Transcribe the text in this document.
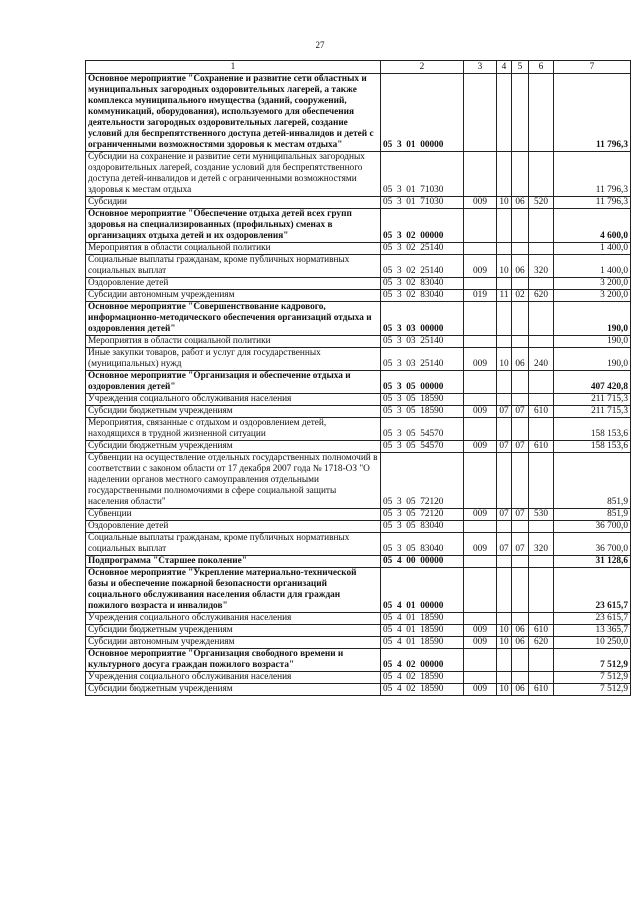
27
1	2	3	4	5	6	7
Основное мероприятие "Сохранение и развитие сети областных и муниципальных загородных оздоровительных лагерей, а также комплекса муниципального имущества (зданий, сооружений, коммуникаций, оборудования), используемого для обеспечения деятельности загородных оздоровительных лагерей, создание условий для беспрепятственного доступа детей-инвалидов и детей с ограниченными возможностями здоровья к местам отдыха"	05  3  01  00000					11 796,3
Субсидии на сохранение и развитие сети муниципальных загородных оздоровительных лагерей, создание условий для беспрепятственного доступа детей-инвалидов и детей с ограниченными возможностями здоровья к местам отдыха	05  3  01  71030					11 796,3
Субсидии	05  3  01  71030	009	10	06	520	11 796,3
Основное мероприятие "Обеспечение отдыха детей всех групп здоровья на специализированных (профильных) сменах в организациях отдыха детей и их оздоровления"	05  3  02  00000					4 600,0
Мероприятия в области социальной политики	05  3  02  25140					1 400,0
Социальные выплаты гражданам, кроме публичных нормативных социальных выплат	05  3  02  25140	009	10	06	320	1 400,0
Оздоровление детей	05  3  02  83040					3 200,0
Субсидии автономным учреждениям	05  3  02  83040	019	11	02	620	3 200,0
Основное мероприятие "Совершенствование кадрового, информационно-методического обеспечения организаций отдыха и оздоровления детей"	05  3  03  00000					190,0
Мероприятия в области социальной политики	05  3  03  25140					190,0
Иные закупки товаров, работ и услуг для государственных (муниципальных) нужд	05  3  03  25140	009	10	06	240	190,0
Основное мероприятие "Организация и обеспечение отдыха и оздоровления детей"	05  3  05  00000					407 420,8
Учреждения социального обслуживания населения	05  3  05  18590					211 715,3
Субсидии бюджетным учреждениям	05  3  05  18590	009	07	07	610	211 715,3
Мероприятия, связанные с отдыхом и оздоровлением детей, находящихся в трудной жизненной ситуации	05  3  05  54570					158 153,6
Субсидии бюджетным учреждениям	05  3  05  54570	009	07	07	610	158 153,6
Субвенции на осуществление отдельных государственных полномочий в соответствии с законом области от 17 декабря 2007 года № 1718-ОЗ "О наделении органов местного самоуправления отдельными государственными полномочиями в сфере социальной защиты населения области"	05  3  05  72120					851,9
Субвенции	05  3  05  72120	009	07	07	530	851,9
Оздоровление детей	05  3  05  83040					36 700,0
Социальные выплаты гражданам, кроме публичных нормативных социальных выплат	05  3  05  83040	009	07	07	320	36 700,0
Подпрограмма "Старшее поколение"	05  4  00  00000					31 128,6
Основное мероприятие "Укрепление материально-технической базы и обеспечение пожарной безопасности организаций социального обслуживания населения области для граждан пожилого возраста и инвалидов"	05  4  01  00000					23 615,7
Учреждения социального обслуживания населения	05  4  01  18590					23 615,7
Субсидии бюджетным учреждениям	05  4  01  18590	009	10	06	610	13 365,7
Субсидии автономным учреждениям	05  4  01  18590	009	10	06	620	10 250,0
Основное мероприятие "Организация свободного времени и культурного досуга граждан пожилого возраста"	05  4  02  00000					7 512,9
Учреждения социального обслуживания населения	05  4  02  18590					7 512,9
Субсидии бюджетным учреждениям	05  4  02  18590	009	10	06	610	7 512,9
